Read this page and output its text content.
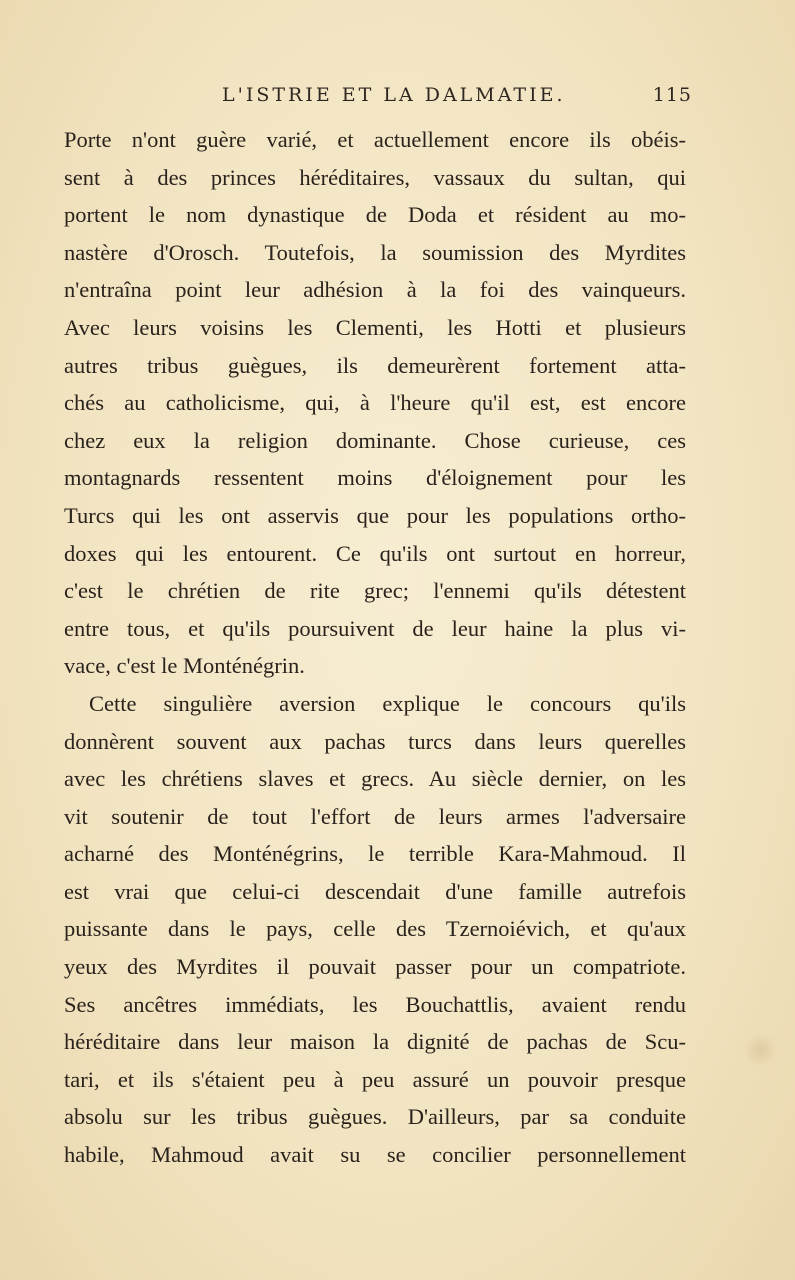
L'ISTRIE ET LA DALMATIE.	115
Porte n'ont guère varié, et actuellement encore ils obéis-
sent à des princes héréditaires, vassaux du sultan, qui
portent le nom dynastique de Doda et résident au mo-
nastère d'Orosch. Toutefois, la soumission des Myrdites
n'entraîna point leur adhésion à la foi des vainqueurs.
Avec leurs voisins les Clementi, les Hotti et plusieurs
autres tribus guègues, ils demeurèrent fortement atta-
chés au catholicisme, qui, à l'heure qu'il est, est encore
chez eux la religion dominante. Chose curieuse, ces
montagnards ressentent moins d'éloignement pour les
Turcs qui les ont asservis que pour les populations ortho-
doxes qui les entourent. Ce qu'ils ont surtout en horreur,
c'est le chrétien de rite grec; l'ennemi qu'ils détestent
entre tous, et qu'ils poursuivent de leur haine la plus vi-
vace, c'est le Monténégrin.
Cette singulière aversion explique le concours qu'ils
donnèrent souvent aux pachas turcs dans leurs querelles
avec les chrétiens slaves et grecs. Au siècle dernier, on les
vit soutenir de tout l'effort de leurs armes l'adversaire
acharné des Monténégrins, le terrible Kara-Mahmoud. Il
est vrai que celui-ci descendait d'une famille autrefois
puissante dans le pays, celle des Tzernoiévich, et qu'aux
yeux des Myrdites il pouvait passer pour un compatriote.
Ses ancêtres immédiats, les Bouchattlis, avaient rendu
héréditaire dans leur maison la dignité de pachas de Scu-
tari, et ils s'étaient peu à peu assuré un pouvoir presque
absolu sur les tribus guègues. D'ailleurs, par sa conduite
habile, Mahmoud avait su se concilier personnellement
